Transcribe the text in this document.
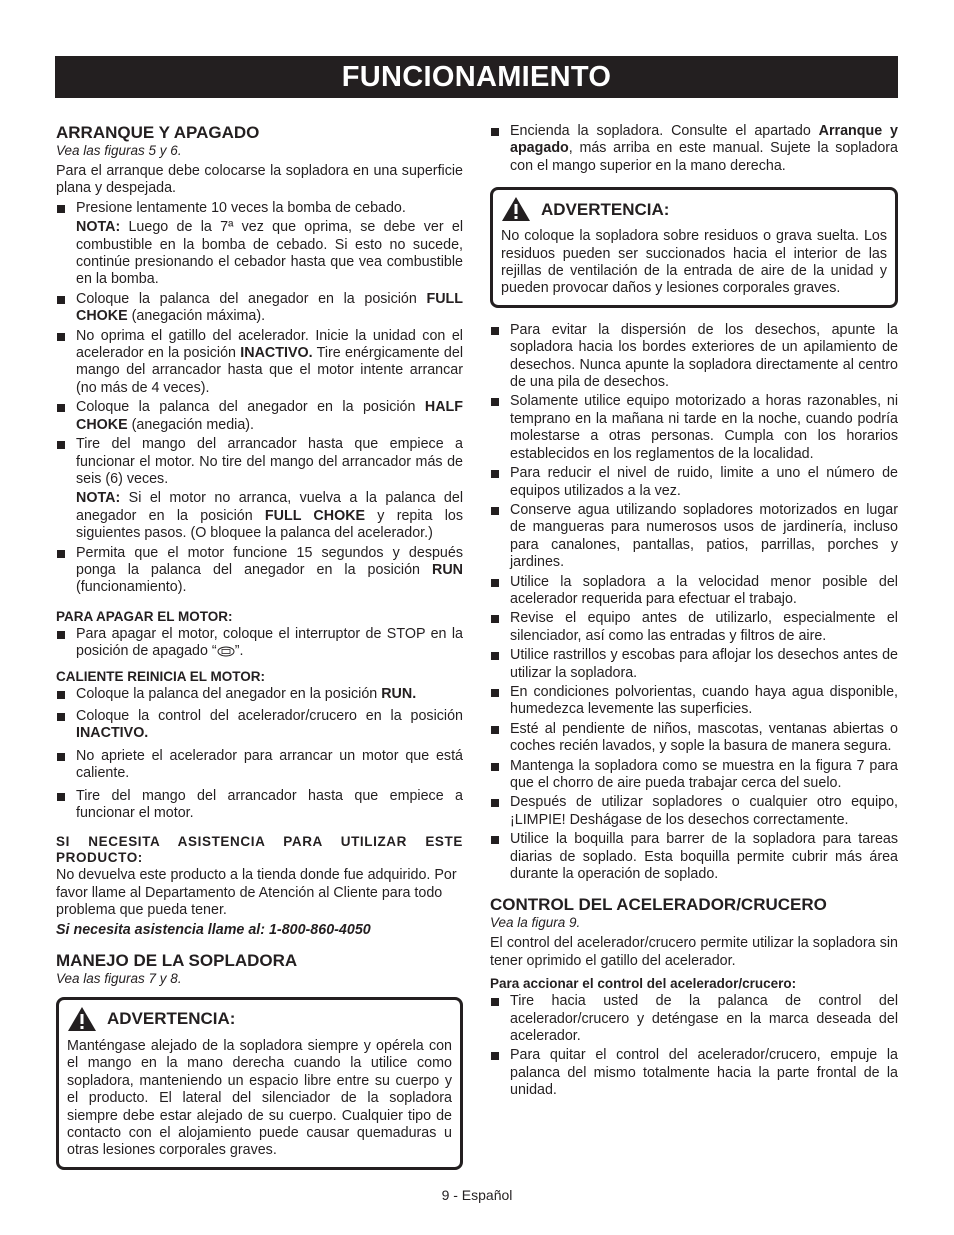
FUNCIONAMIENTO
ARRANQUE Y APAGADO
Vea las figuras 5 y 6.

Para el arranque debe colocarse la sopladora en una superficie plana y despejada.

Presione lentamente 10 veces la bomba de cebado.
NOTA: Luego de la 7ª vez que oprima, se debe ver el combustible en la bomba de cebado. Si esto no sucede, continúe presionando el cebador hasta que vea combustible en la bomba.
Coloque la palanca del anegador en la posición FULL CHOKE (anegación máxima).
No oprima el gatillo del acelerador. Inicie la unidad con el acelerador en la posición INACTIVO. Tire enérgicamente del mango del arrancador hasta que el motor intente arrancar (no más de 4 veces).
Coloque la palanca del anegador en la posición HALF CHOKE (anegación media).
Tire del mango del arrancador hasta que empiece a funcionar el motor. No tire del mango del arrancador más de seis (6) veces.
NOTA: Si el motor no arranca, vuelva a la palanca del anegador en la posición FULL CHOKE y repita los siguientes pasos. (O bloquee la palanca del acelerador.)
Permita que el motor funcione 15 segundos y después ponga la palanca del anegador en la posición RUN (funcionamiento).
PARA APAGAR EL MOTOR:
Para apagar el motor, coloque el interruptor de STOP en la posición de apagado “ ”.
CALIENTE REINICIA EL MOTOR:
Coloque la palanca del anegador en la posición RUN.
Coloque la control del acelerador/crucero en la posición INACTIVO.
No apriete el acelerador para arrancar un motor que está caliente.
Tire del mango del arrancador hasta que empiece a funcionar el motor.
SI NECESITA ASISTENCIA PARA UTILIZAR ESTE PRODUCTO:

No devuelva este producto a la tienda donde fue adquirido. Por favor llame al Departamento de Atención al Cliente para todo problema que pueda tener.

Si necesita asistencia llame al: 1-800-860-4050

MANEJO DE LA SOPLADORA
Vea las figuras 7 y 8.
ADVERTENCIA:
Manténgase alejado de la sopladora siempre y opérela con el mango en la mano derecha cuando la utilice como sopladora, manteniendo un espacio libre entre su cuerpo y el producto. El lateral del silenciador de la sopladora siempre debe estar alejado de su cuerpo. Cualquier tipo de contacto con el alojamiento puede causar quemaduras u otras lesiones corporales graves.
Encienda la sopladora. Consulte el apartado Arranque y apagado, más arriba en este manual. Sujete la sopladora con el mango superior en la mano derecha.
ADVERTENCIA:
No coloque la sopladora sobre residuos o grava suelta. Los residuos pueden ser succionados hacia el interior de las rejillas de ventilación de la entrada de aire de la unidad y pueden provocar daños y lesiones corporales graves.
Para evitar la dispersión de los desechos, apunte la sopladora hacia los bordes exteriores de un apilamiento de desechos. Nunca apunte la sopladora directamente al centro de una pila de desechos.
Solamente utilice equipo motorizado a horas razonables, ni temprano en la mañana ni tarde en la noche, cuando podría molestarse a otras personas. Cumpla con los horarios establecidos en los reglamentos de la localidad.
Para reducir el nivel de ruido, limite a uno el número de equipos utilizados a la vez.
Conserve agua utilizando sopladores motorizados en lugar de mangueras para numerosos usos de jardinería, incluso para canalones, pantallas, patios, parrillas, porches y jardines.
Utilice la sopladora a la velocidad menor posible del acelerador requerida para efectuar el trabajo.
Revise el equipo antes de utilizarlo, especialmente el silenciador, así como las entradas y filtros de aire.
Utilice rastrillos y escobas para aflojar los desechos antes de utilizar la sopladora.
En condiciones polvorientas, cuando haya agua disponible, humedezca levemente las superficies.
Esté al pendiente de niños, mascotas, ventanas abiertas o coches recién lavados, y sople la basura de manera segura.
Mantenga la sopladora como se muestra en la figura 7 para que el chorro de aire pueda trabajar cerca del suelo.
Después de utilizar sopladores o cualquier otro equipo, ¡LIMPIE! Deshágase de los desechos correctamente.
Utilice la boquilla para barrer de la sopladora para tareas diarias de soplado. Esta boquilla permite cubrir más área durante la operación de soplado.
CONTROL DEL ACELERADOR/CRUCERO
Vea la figura 9.

El control del acelerador/crucero permite utilizar la sopladora sin tener oprimido el gatillo del acelerador.

Para accionar el control del acelerador/crucero:
Tire hacia usted de la palanca de control del acelerador/crucero y deténgase en la marca deseada del acelerador.
Para quitar el control del acelerador/crucero, empuje la palanca del mismo totalmente hacia la parte frontal de la unidad.
9 - Español
